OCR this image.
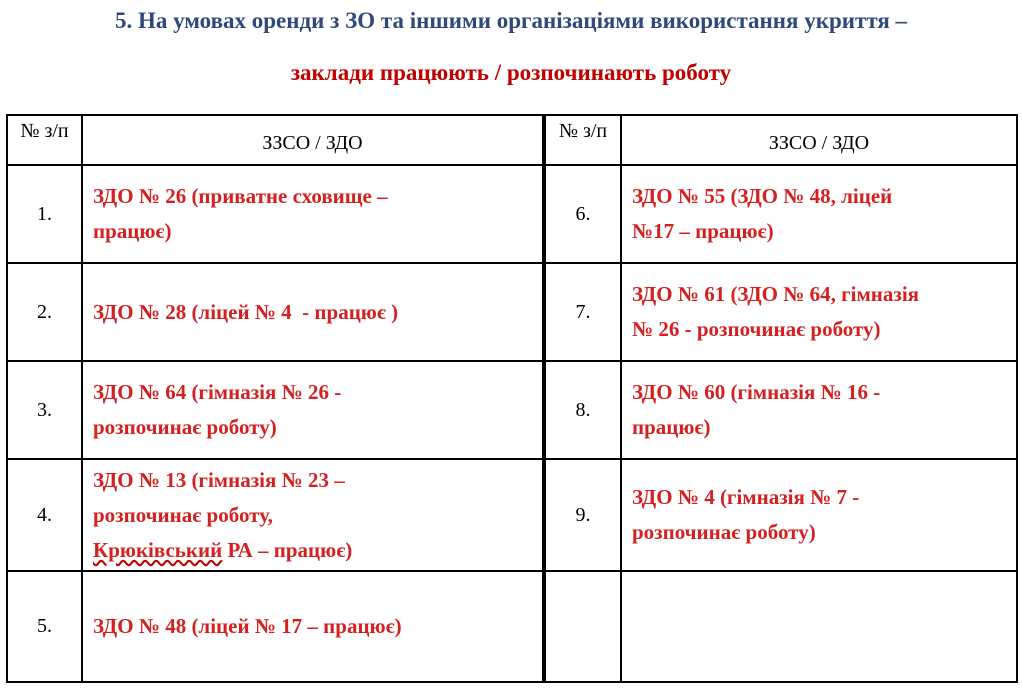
5. На умовах оренди з ЗО та іншими організаціями використання укриття –
заклади працюють / розпочинають роботу
№ з/п	ЗЗСО / ЗДО	№ з/п	ЗЗСО / ЗДО
1.	ЗДО № 26 (приватне сховище –
працює)	6.	ЗДО № 55 (ЗДО № 48, ліцей
№17 – працює)

2.	ЗДО № 28 (ліцей № 4  - працює )	7.	ЗДО № 61 (ЗДО № 64, гімназія
№ 26 - розпочинає роботу)

3.	ЗДО № 64 (гімназія № 26 -
розпочинає роботу)	8.	ЗДО № 60 (гімназія № 16 -
працює)

4.	ЗДО № 13 (гімназія № 23 –
розпочинає роботу,
Крюківський РА – працює)	9.	ЗДО № 4 (гімназія № 7 -
розпочинає роботу)

5.	ЗДО № 48 (ліцей № 17 – працює)		
